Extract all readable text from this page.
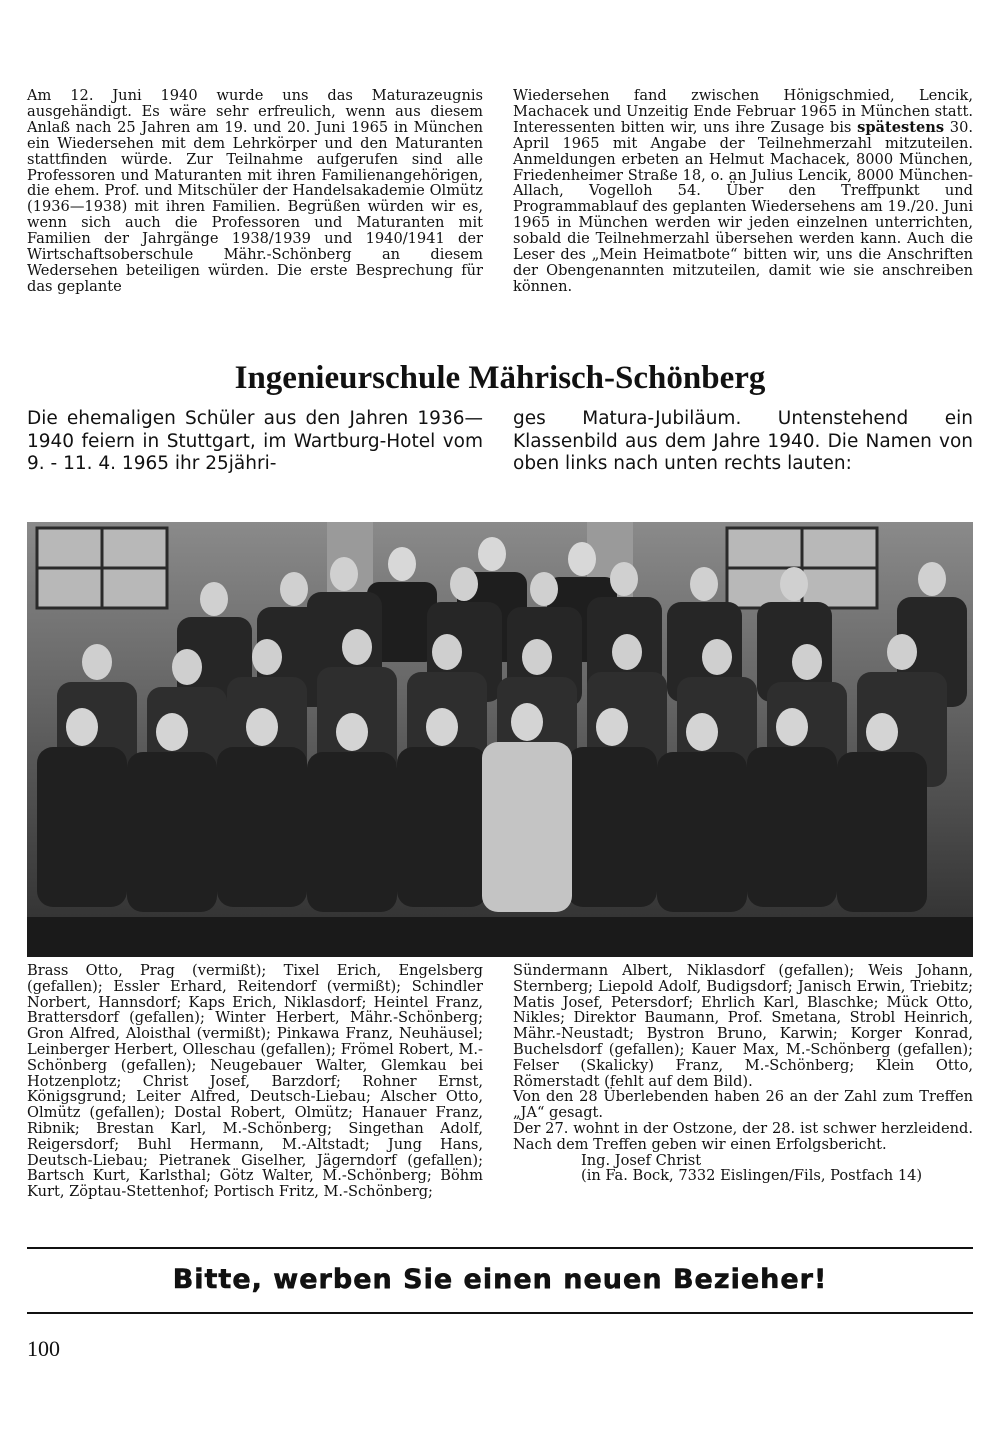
Am 12. Juni 1940 wurde uns das Maturazeugnis ausgehändigt. Es wäre sehr erfreulich, wenn aus diesem Anlaß nach 25 Jahren am 19. und 20. Juni 1965 in München ein Wiedersehen mit dem Lehrkörper und den Maturanten stattfinden würde. Zur Teilnahme aufgerufen sind alle Professoren und Maturanten mit ihren Familienangehörigen, die ehem. Prof. und Mitschüler der Handelsakademie Olmütz (1936—1938) mit ihren Familien. Begrüßen würden wir es, wenn sich auch die Professoren und Maturanten mit Familien der Jahrgänge 1938/1939 und 1940/1941 der Wirtschaftsoberschule Mähr.-Schönberg an diesem Wedersehen beteiligen würden. Die erste Besprechung für das geplante

Wiedersehen fand zwischen Hönigschmied, Lencik, Machacek und Unzeitig Ende Februar 1965 in München statt. Interessenten bitten wir, uns ihre Zusage bis spätestens 30. April 1965 mit Angabe der Teilnehmerzahl mitzuteilen. Anmeldungen erbeten an Helmut Machacek, 8000 München, Friedenheimer Straße 18, o. an Julius Lencik, 8000 München-Allach, Vogelloh 54. Über den Treffpunkt und Programmablauf des geplanten Wiedersehens am 19./20. Juni 1965 in München werden wir jeden einzelnen unterrichten, sobald die Teilnehmerzahl übersehen werden kann. Auch die Leser des „Mein Heimatbote“ bitten wir, uns die Anschriften der Obengenannten mitzuteilen, damit wie sie anschreiben können.

Ingenieurschule Mährisch-Schönberg

Die ehemaligen Schüler aus den Jahren 1936—1940 feiern in Stuttgart, im Wartburg-Hotel vom 9. - 11. 4. 1965 ihr 25jähri-

ges Matura-Jubiläum. Untenstehend ein Klassenbild aus dem Jahre 1940. Die Namen von oben links nach unten rechts lauten:

Brass Otto, Prag (vermißt); Tixel Erich, Engelsberg (gefallen); Essler Erhard, Reitendorf (vermißt); Schindler Norbert, Hannsdorf; Kaps Erich, Niklasdorf; Heintel Franz, Brattersdorf (gefallen); Winter Herbert, Mähr.-Schönberg; Gron Alfred, Aloisthal (vermißt); Pinkawa Franz, Neuhäusel; Leinberger Herbert, Olleschau (gefallen); Frömel Robert, M.-Schönberg (gefallen); Neugebauer Walter, Glemkau bei Hotzenplotz; Christ Josef, Barzdorf; Rohner Ernst, Königsgrund; Leiter Alfred, Deutsch-Liebau; Alscher Otto, Olmütz (gefallen); Dostal Robert, Olmütz; Hanauer Franz, Ribnik; Brestan Karl, M.-Schönberg; Singethan Adolf, Reigersdorf; Buhl Hermann, M.-Altstadt; Jung Hans, Deutsch-Liebau; Pietranek Giselher, Jägerndorf (gefallen); Bartsch Kurt, Karlsthal; Götz Walter, M.-Schönberg; Böhm Kurt, Zöptau-Stettenhof; Portisch Fritz, M.-Schönberg;

Sündermann Albert, Niklasdorf (gefallen); Weis Johann, Sternberg; Liepold Adolf, Budigsdorf; Janisch Erwin, Triebitz; Matis Josef, Petersdorf; Ehrlich Karl, Blaschke; Mück Otto, Nikles; Direktor Baumann, Prof. Smetana, Strobl Heinrich, Mähr.-Neustadt; Bystron Bruno, Karwin; Korger Konrad, Buchelsdorf (gefallen); Kauer Max, M.-Schönberg (gefallen); Felser (Skalicky) Franz, M.-Schönberg; Klein Otto, Römerstadt (fehlt auf dem Bild).

Von den 28 Überlebenden haben 26 an der Zahl zum Treffen „JA“ gesagt.

Der 27. wohnt in der Ostzone, der 28. ist schwer herzleidend. Nach dem Treffen geben wir einen Erfolgsbericht.

Ing. Josef Christ
(in Fa. Bock, 7332 Eislingen/Fils, Postfach 14)
Bitte, werben Sie einen neuen Bezieher!
100
